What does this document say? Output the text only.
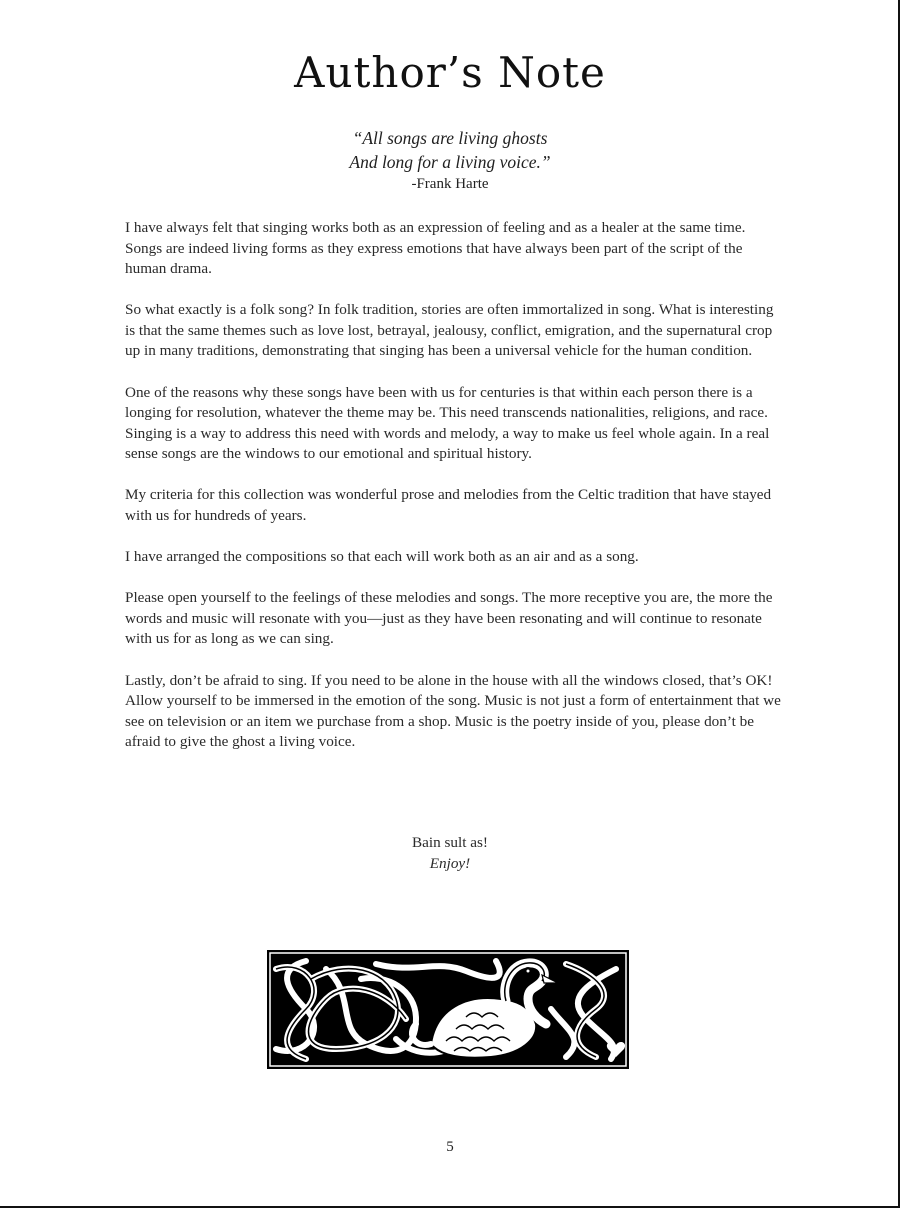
Author’s Note
“All songs are living ghosts
And long for a living voice.”
-Frank Harte

I have always felt that singing works both as an expression of feeling and as a healer at the same time. Songs are indeed living forms as they express emotions that have always been part of the script of the human drama.

So what exactly is a folk song? In folk tradition, stories are often immortalized in song. What is interesting is that the same themes such as love lost, betrayal, jealousy, conflict, emigration, and the supernatural crop up in many traditions, demonstrating that singing has been a universal vehicle for the human condition.

One of the reasons why these songs have been with us for centuries is that within each person there is a longing for resolution, whatever the theme may be. This need transcends nationalities, religions, and race. Singing is a way to address this need with words and melody, a way to make us feel whole again. In a real sense songs are the windows to our emotional and spiritual history.

My criteria for this collection was wonderful prose and melodies from the Celtic tradition that have stayed with us for hundreds of years.

I have arranged the compositions so that each will work both as an air and as a song.

Please open yourself to the feelings of these melodies and songs. The more receptive you are, the more the words and music will resonate with you—just as they have been resonating and will continue to resonate with us for as long as we can sing.

Lastly, don’t be afraid to sing. If you need to be alone in the house with all the windows closed, that’s OK! Allow yourself to be immersed in the emotion of the song. Music is not just a form of entertainment that we see on television or an item we purchase from a shop. Music is the poetry inside of you, please don’t be afraid to give the ghost a living voice.

Bain sult as!
Enjoy!
5
